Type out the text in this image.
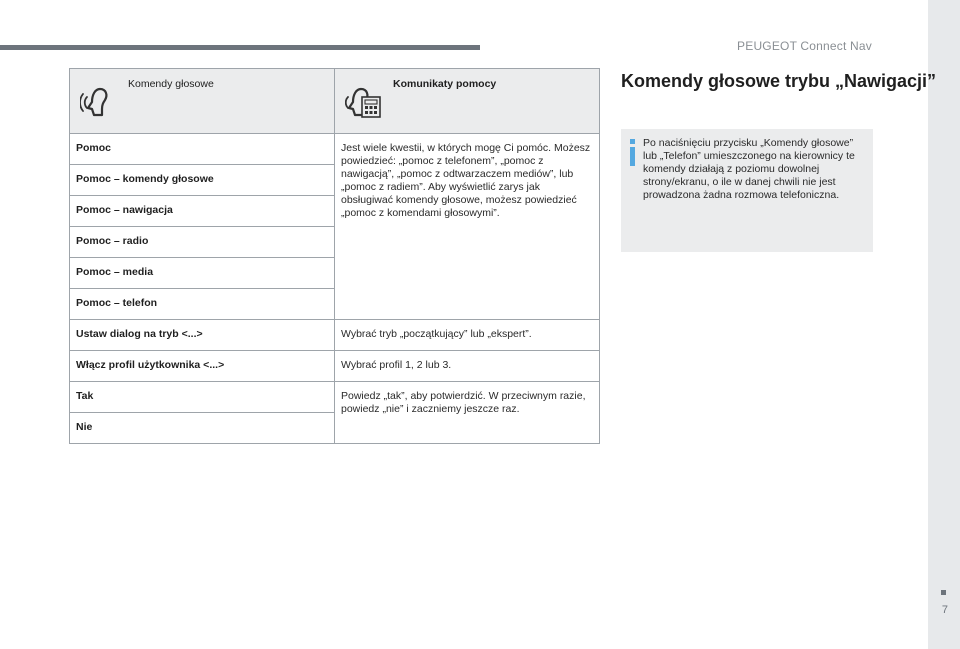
PEUGEOT Connect Nav
7
Komendy głosowe	Komunikaty pomocy

Pomoc	Jest wiele kwestii, w których mogę Ci pomóc. Możesz powiedzieć: „pomoc z telefonem”, „pomoc z nawigacją”, „pomoc z odtwarzaczem mediów”, lub „pomoc z radiem”. Aby wyświetlić zarys jak obsługiwać komendy głosowe, możesz powiedzieć „pomoc z komendami głosowymi”.
Pomoc – komendy głosowe	
Pomoc – nawigacja	
Pomoc – radio	
Pomoc – media	
Pomoc – telefon	
Ustaw dialog na tryb <...>	Wybrać tryb „początkujący” lub „ekspert”.
Włącz profil użytkownika <...>	Wybrać profil 1, 2 lub 3.
Tak	Powiedz „tak”, aby potwierdzić. W przeciwnym razie, powiedz „nie” i zaczniemy jeszcze raz.
Nie	
Komendy głosowe trybu „Nawigacji”

Po naciśnięciu przycisku „Komendy głosowe” lub „Telefon” umieszczonego na kierownicy te komendy działają z poziomu dowolnej strony/ekranu, o ile w danej chwili nie jest prowadzona żadna rozmowa telefoniczna.
